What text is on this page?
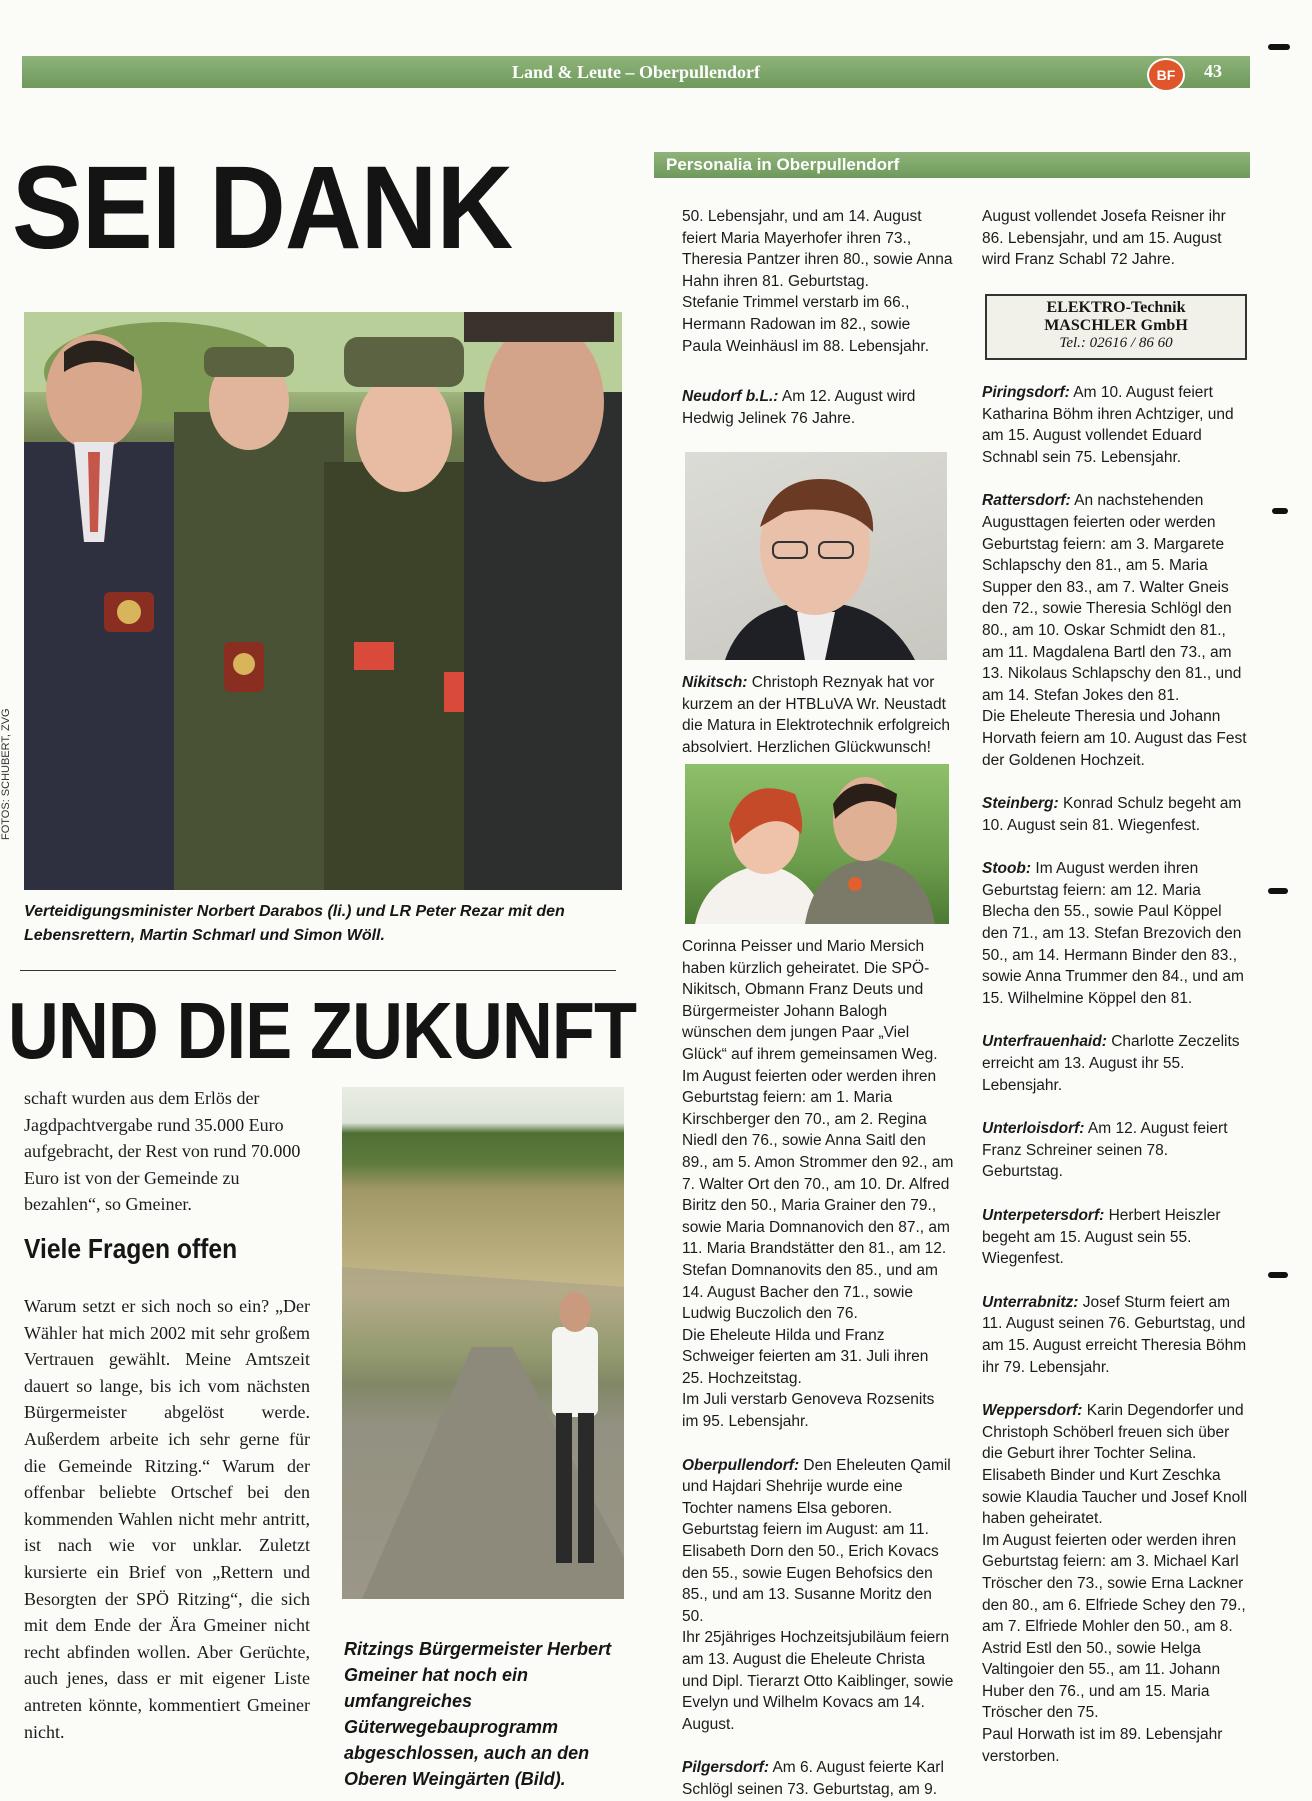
Land & Leute – Oberpullendorf	BF	43
SEI DANK
FOTOS: SCHUBERT, ZVG
Verteidigungsminister Norbert Darabos (li.) und LR Peter Rezar mit den Lebensrettern, Martin Schmarl und Simon Wöll.
UND DIE ZUKUNFT
schaft wurden aus dem Erlös der Jagdpachtvergabe rund 35.000 Euro aufgebracht, der Rest von rund 70.000 Euro ist von der Gemeinde zu bezahlen“, so Gmeiner.
Viele Fragen offen
Warum setzt er sich noch so ein? „Der Wähler hat mich 2002 mit sehr großem Vertrauen gewählt. Meine Amtszeit dauert so lange, bis ich vom nächsten Bürgermeister abgelöst werde. Außerdem arbeite ich sehr gerne für die Gemeinde Ritzing.“ Warum der offenbar beliebte Ortschef bei den kommenden Wahlen nicht mehr antritt, ist nach wie vor unklar. Zuletzt kursierte ein Brief von „Rettern und Besorgten der SPÖ Ritzing“, die sich mit dem Ende der Ära Gmeiner nicht recht abfinden wollen. Aber Gerüchte, auch jenes, dass er mit eigener Liste antreten könnte, kommentiert Gmeiner nicht.
Ritzings Bürgermeister Herbert Gmeiner hat noch ein umfangreiches Güterwegebauprogramm abgeschlossen, auch an den Oberen Weingärten (Bild).
Personalia in Oberpullendorf

50. Lebensjahr, und am 14. August feiert Maria Mayerhofer ihren 73., Theresia Pantzer ihren 80., sowie Anna Hahn ihren 81. Geburtstag.

Stefanie Trimmel verstarb im 66., Hermann Radowan im 82., sowie Paula Weinhäusl im 88. Lebensjahr.

Neudorf b.L.: Am 12. August wird Hedwig Jelinek 76 Jahre.

Nikitsch: Christoph Reznyak hat vor kurzem an der HTBLuVA Wr. Neustadt die Matura in Elektrotechnik erfolgreich absolviert. Herzlichen Glückwunsch!

Corinna Peisser und Mario Mersich haben kürzlich geheiratet. Die SPÖ-Nikitsch, Obmann Franz Deuts und Bürgermeister Johann Balogh wünschen dem jungen Paar „Viel Glück“ auf ihrem gemeinsamen Weg.

Im August feierten oder werden ihren Geburtstag feiern: am 1. Maria Kirschberger den 70., am 2. Regina Niedl den 76., sowie Anna Saitl den 89., am 5. Amon Strommer den 92., am 7. Walter Ort den 70., am 10. Dr. Alfred Biritz den 50., Maria Grainer den 79., sowie Maria Domnanovich den 87., am 11. Maria Brandstätter den 81., am 12. Stefan Domnanovits den 85., und am 14. August Bacher den 71., sowie Ludwig Buczolich den 76.

Die Eheleute Hilda und Franz Schweiger feierten am 31. Juli ihren 25. Hochzeitstag.

Im Juli verstarb Genoveva Rozsenits im 95. Lebensjahr.

Oberpullendorf: Den Eheleuten Qamil und Hajdari Shehrije wurde eine Tochter namens Elsa geboren.

Geburtstag feiern im August: am 11. Elisabeth Dorn den 50., Erich Kovacs den 55., sowie Eugen Behofsics den 85., und am 13. Susanne Moritz den 50.

Ihr 25jähriges Hochzeitsjubiläum feiern am 13. August die Eheleute Christa und Dipl. Tierarzt Otto Kaiblinger, sowie Evelyn und Wilhelm Kovacs am 14. August.

Pilgersdorf: Am 6. August feierte Karl Schlögl seinen 73. Geburtstag, am 9.

August vollendet Josefa Reisner ihr 86. Lebensjahr, und am 15. August wird Franz Schabl 72 Jahre.

ELEKTRO-Technik
MASCHLER GmbH
Tel.: 02616 / 86 60

Piringsdorf: Am 10. August feiert Katharina Böhm ihren Achtziger, und am 15. August vollendet Eduard Schnabl sein 75. Lebensjahr.

Rattersdorf: An nachstehenden Augusttagen feierten oder werden Geburtstag feiern: am 3. Margarete Schlapschy den 81., am 5. Maria Supper den 83., am 7. Walter Gneis den 72., sowie Theresia Schlögl den 80., am 10. Oskar Schmidt den 81., am 11. Magdalena Bartl den 73., am 13. Nikolaus Schlapschy den 81., und am 14. Stefan Jokes den 81.

Die Eheleute Theresia und Johann Horvath feiern am 10. August das Fest der Goldenen Hochzeit.

Steinberg: Konrad Schulz begeht am 10. August sein 81. Wiegenfest.

Stoob: Im August werden ihren Geburtstag feiern: am 12. Maria Blecha den 55., sowie Paul Köppel den 71., am 13. Stefan Brezovich den 50., am 14. Hermann Binder den 83., sowie Anna Trummer den 84., und am 15. Wilhelmine Köppel den 81.

Unterfrauenhaid: Charlotte Zeczelits erreicht am 13. August ihr 55. Lebensjahr.

Unterloisdorf: Am 12. August feiert Franz Schreiner seinen 78. Geburtstag.

Unterpetersdorf: Herbert Heiszler begeht am 15. August sein 55. Wiegenfest.

Unterrabnitz: Josef Sturm feiert am 11. August seinen 76. Geburtstag, und am 15. August erreicht Theresia Böhm ihr 79. Lebensjahr.

Weppersdorf: Karin Degendorfer und Christoph Schöberl freuen sich über die Geburt ihrer Tochter Selina.

Elisabeth Binder und Kurt Zeschka sowie Klaudia Taucher und Josef Knoll haben geheiratet.

Im August feierten oder werden ihren Geburtstag feiern: am 3. Michael Karl Tröscher den 73., sowie Erna Lackner den 80., am 6. Elfriede Schey den 79., am 7. Elfriede Mohler den 50., am 8. Astrid Estl den 50., sowie Helga Valtingoier den 55., am 11. Johann Huber den 76., und am 15. Maria Tröscher den 75.

Paul Horwath ist im 89. Lebensjahr verstorben.
